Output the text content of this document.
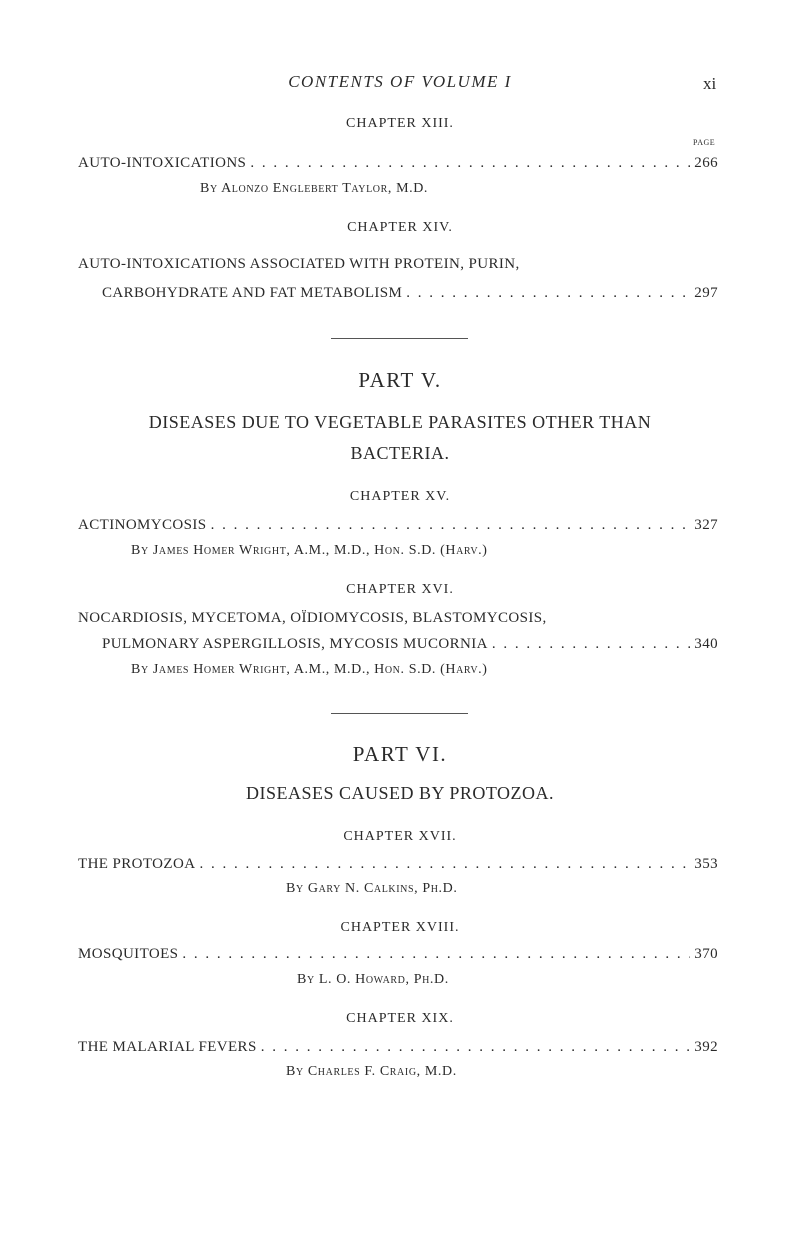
CONTENTS OF VOLUME I	xi
CHAPTER XIII.
PAGE
AUTO-INTOXICATIONS . . .	266
By Alonzo Englebert Taylor, M.D.
CHAPTER XIV.
AUTO-INTOXICATIONS ASSOCIATED WITH PROTEIN, PURIN,
CARBOHYDRATE AND FAT METABOLISM . . .	297
PART V.
DISEASES DUE TO VEGETABLE PARASITES OTHER THAN
BACTERIA.
CHAPTER XV.
ACTINOMYCOSIS . . .	327
By James Homer Wright, A.M., M.D., Hon. S.D. (Harv.)
CHAPTER XVI.
NOCARDIOSIS, MYCETOMA, OÏDIOMYCOSIS, BLASTOMYCOSIS,
PULMONARY ASPERGILLOSIS, MYCOSIS MUCORNIA . . .	340
By James Homer Wright, A.M., M.D., Hon. S.D. (Harv.)
PART VI.
DISEASES CAUSED BY PROTOZOA.
CHAPTER XVII.
THE PROTOZOA . . .	353
By Gary N. Calkins, Ph.D.
CHAPTER XVIII.
MOSQUITOES . . .	370
By L. O. Howard, Ph.D.
CHAPTER XIX.
THE MALARIAL FEVERS . . .	392
By Charles F. Craig, M.D.
